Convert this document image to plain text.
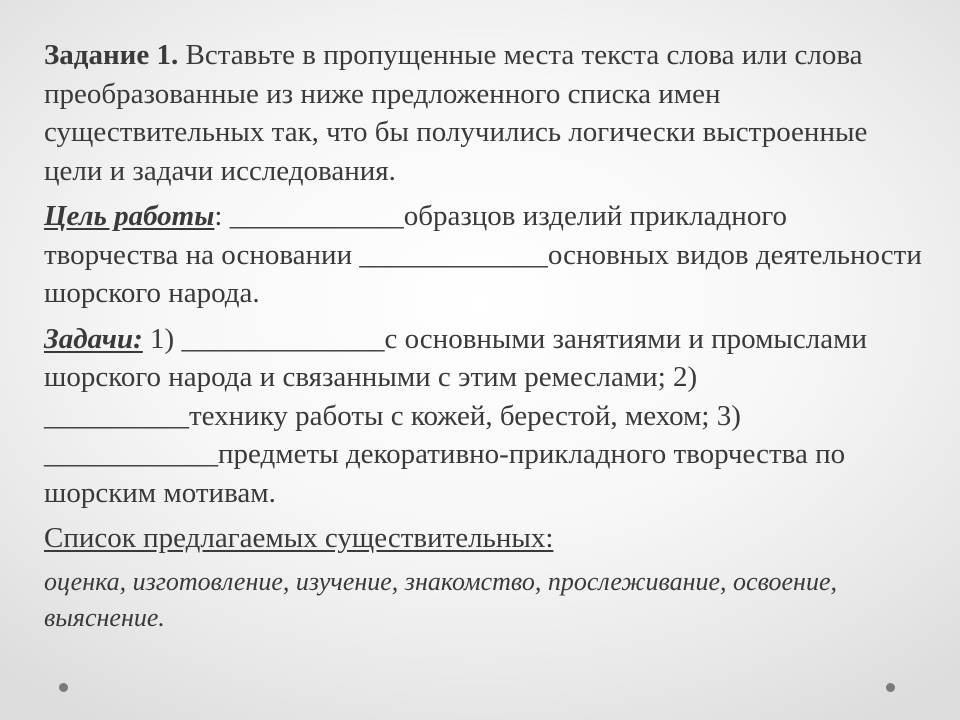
Задание 1. Вставьте в пропущенные места текста слова или слова преобразованные из ниже предложенного списка имен существительных так, что бы получились логически выстроенные цели и задачи исследования.

Цель работы: ____________образцов изделий прикладного творчества на основании _____________основных видов деятельности шорского народа.

Задачи: 1) ______________с основными занятиями и промыслами шорского народа и связанными с этим ремеслами; 2) __________технику работы с кожей, берестой, мехом; 3) ____________предметы декоративно-прикладного творчества по шорским мотивам.

Список предлагаемых существительных:

оценка, изготовление, изучение, знакомство, прослеживание, освоение, выяснение.
